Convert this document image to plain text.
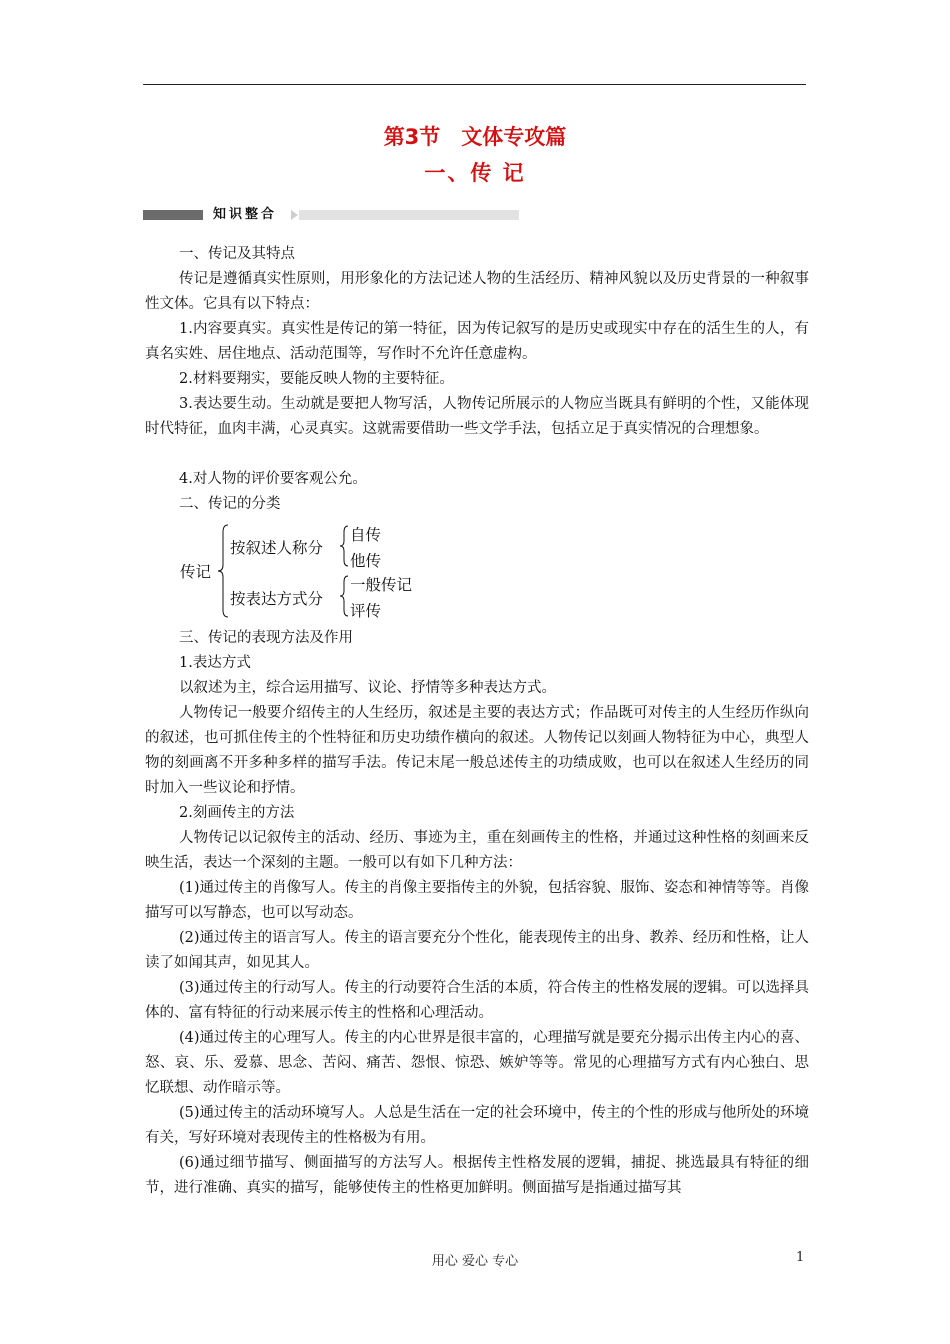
第3节　文体专攻篇
一、传 记
知识整合

一、传记及其特点

传记是遵循真实性原则，用形象化的方法记述人物的生活经历、精神风貌以及历史背景的一种叙事性文体。它具有以下特点：

1.内容要真实。真实性是传记的第一特征，因为传记叙写的是历史或现实中存在的活生生的人，有真名实姓、居住地点、活动范围等，写作时不允许任意虚构。

2.材料要翔实，要能反映人物的主要特征。

3.表达要生动。生动就是要把人物写活，人物传记所展示的人物应当既具有鲜明的个性，又能体现时代特征，血肉丰满，心灵真实。这就需要借助一些文学手法，包括立足于真实情况的合理想象。

4.对人物的评价要客观公允。

二、传记的分类

传记
按叙述人称分
自传
他传
按表达方式分
一般传记
评传

三、传记的表现方法及作用

1.表达方式

以叙述为主，综合运用描写、议论、抒情等多种表达方式。

人物传记一般要介绍传主的人生经历，叙述是主要的表达方式；作品既可对传主的人生经历作纵向的叙述，也可抓住传主的个性特征和历史功绩作横向的叙述。人物传记以刻画人物特征为中心，典型人物的刻画离不开多种多样的描写手法。传记末尾一般总述传主的功绩成败，也可以在叙述人生经历的同时加入一些议论和抒情。

2.刻画传主的方法

人物传记以记叙传主的活动、经历、事迹为主，重在刻画传主的性格，并通过这种性格的刻画来反映生活，表达一个深刻的主题。一般可以有如下几种方法：

(1)通过传主的肖像写人。传主的肖像主要指传主的外貌，包括容貌、服饰、姿态和神情等等。肖像描写可以写静态，也可以写动态。

(2)通过传主的语言写人。传主的语言要充分个性化，能表现传主的出身、教养、经历和性格，让人读了如闻其声，如见其人。

(3)通过传主的行动写人。传主的行动要符合生活的本质，符合传主的性格发展的逻辑。可以选择具体的、富有特征的行动来展示传主的性格和心理活动。

(4)通过传主的心理写人。传主的内心世界是很丰富的，心理描写就是要充分揭示出传主内心的喜、怒、哀、乐、爱慕、思念、苦闷、痛苦、怨恨、惊恐、嫉妒等等。常见的心理描写方式有内心独白、思忆联想、动作暗示等。

(5)通过传主的活动环境写人。人总是生活在一定的社会环境中，传主的个性的形成与他所处的环境有关，写好环境对表现传主的性格极为有用。

(6)通过细节描写、侧面描写的方法写人。根据传主性格发展的逻辑，捕捉、挑选最具有特征的细节，进行准确、真实的描写，能够使传主的性格更加鲜明。侧面描写是指通过描写其

用心 爱心 专心	1
